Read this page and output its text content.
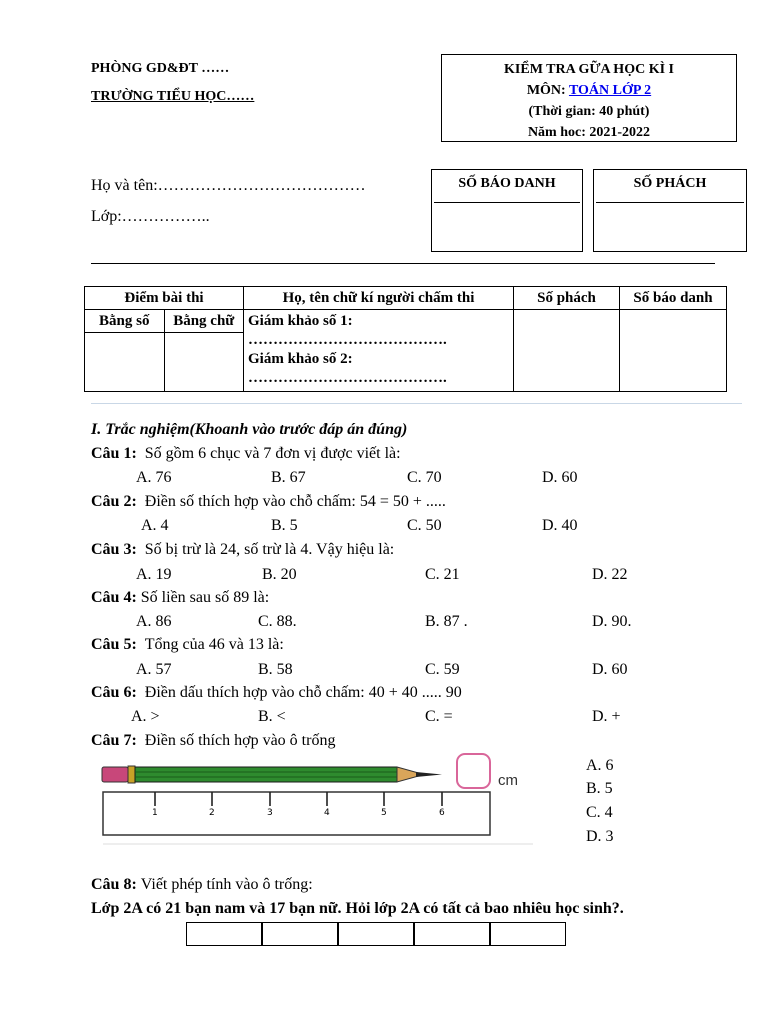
PHÒNG GD&ĐT ……
TRƯỜNG TIỂU HỌC……
KIỂM TRA GỮA HỌC KÌ I
MÔN: TOÁN LỚP 2
(Thời gian: 40 phút)
Năm hoc: 2021-2022
Họ và tên:…………………………………
Lớp:……………..
SỐ BÁO DANH	SỐ PHÁCH
Điểm bài thi		Họ, tên chữ kí người chấm thi	Số phách	Số báo danh
Bằng số	Bằng chữ	Giám khảo số 1:
………………………………….
Giám khảo số 2:
………………………………….		

I. Trắc nghiệm(Khoanh vào trước đáp án đúng)
Câu 1: Số gồm 6 chục và 7 đơn vị được viết là:
A. 76	B. 67	C. 70	D. 60
Câu 2: Điền số thích hợp vào chỗ chấm: 54 = 50 + .....
A. 4	B. 5	C. 50	D. 40
Câu 3: Số bị trừ là 24, số trừ là 4. Vậy hiệu là:
A. 19	B. 20	C. 21	D. 22
Câu 4: Số liền sau số 89 là:
A. 86	C. 88.	B. 87 .	D. 90.
Câu 5: Tổng của 46 và 13 là:
A. 57	B. 58	C. 59	D. 60
Câu 6: Điền dấu thích hợp vào chỗ chấm: 40 + 40 ..... 90
A. >	B. <	C. =	D. +
Câu 7: Điền số thích hợp vào ô trống
1	2	3	4	5	6
cm
A. 6
B. 5
C. 4
D. 3
Câu 8: Viết phép tính vào ô trống:
Lớp 2A có 21 bạn nam và 17 bạn nữ. Hỏi lớp 2A có tất cả bao nhiêu học sinh?.
